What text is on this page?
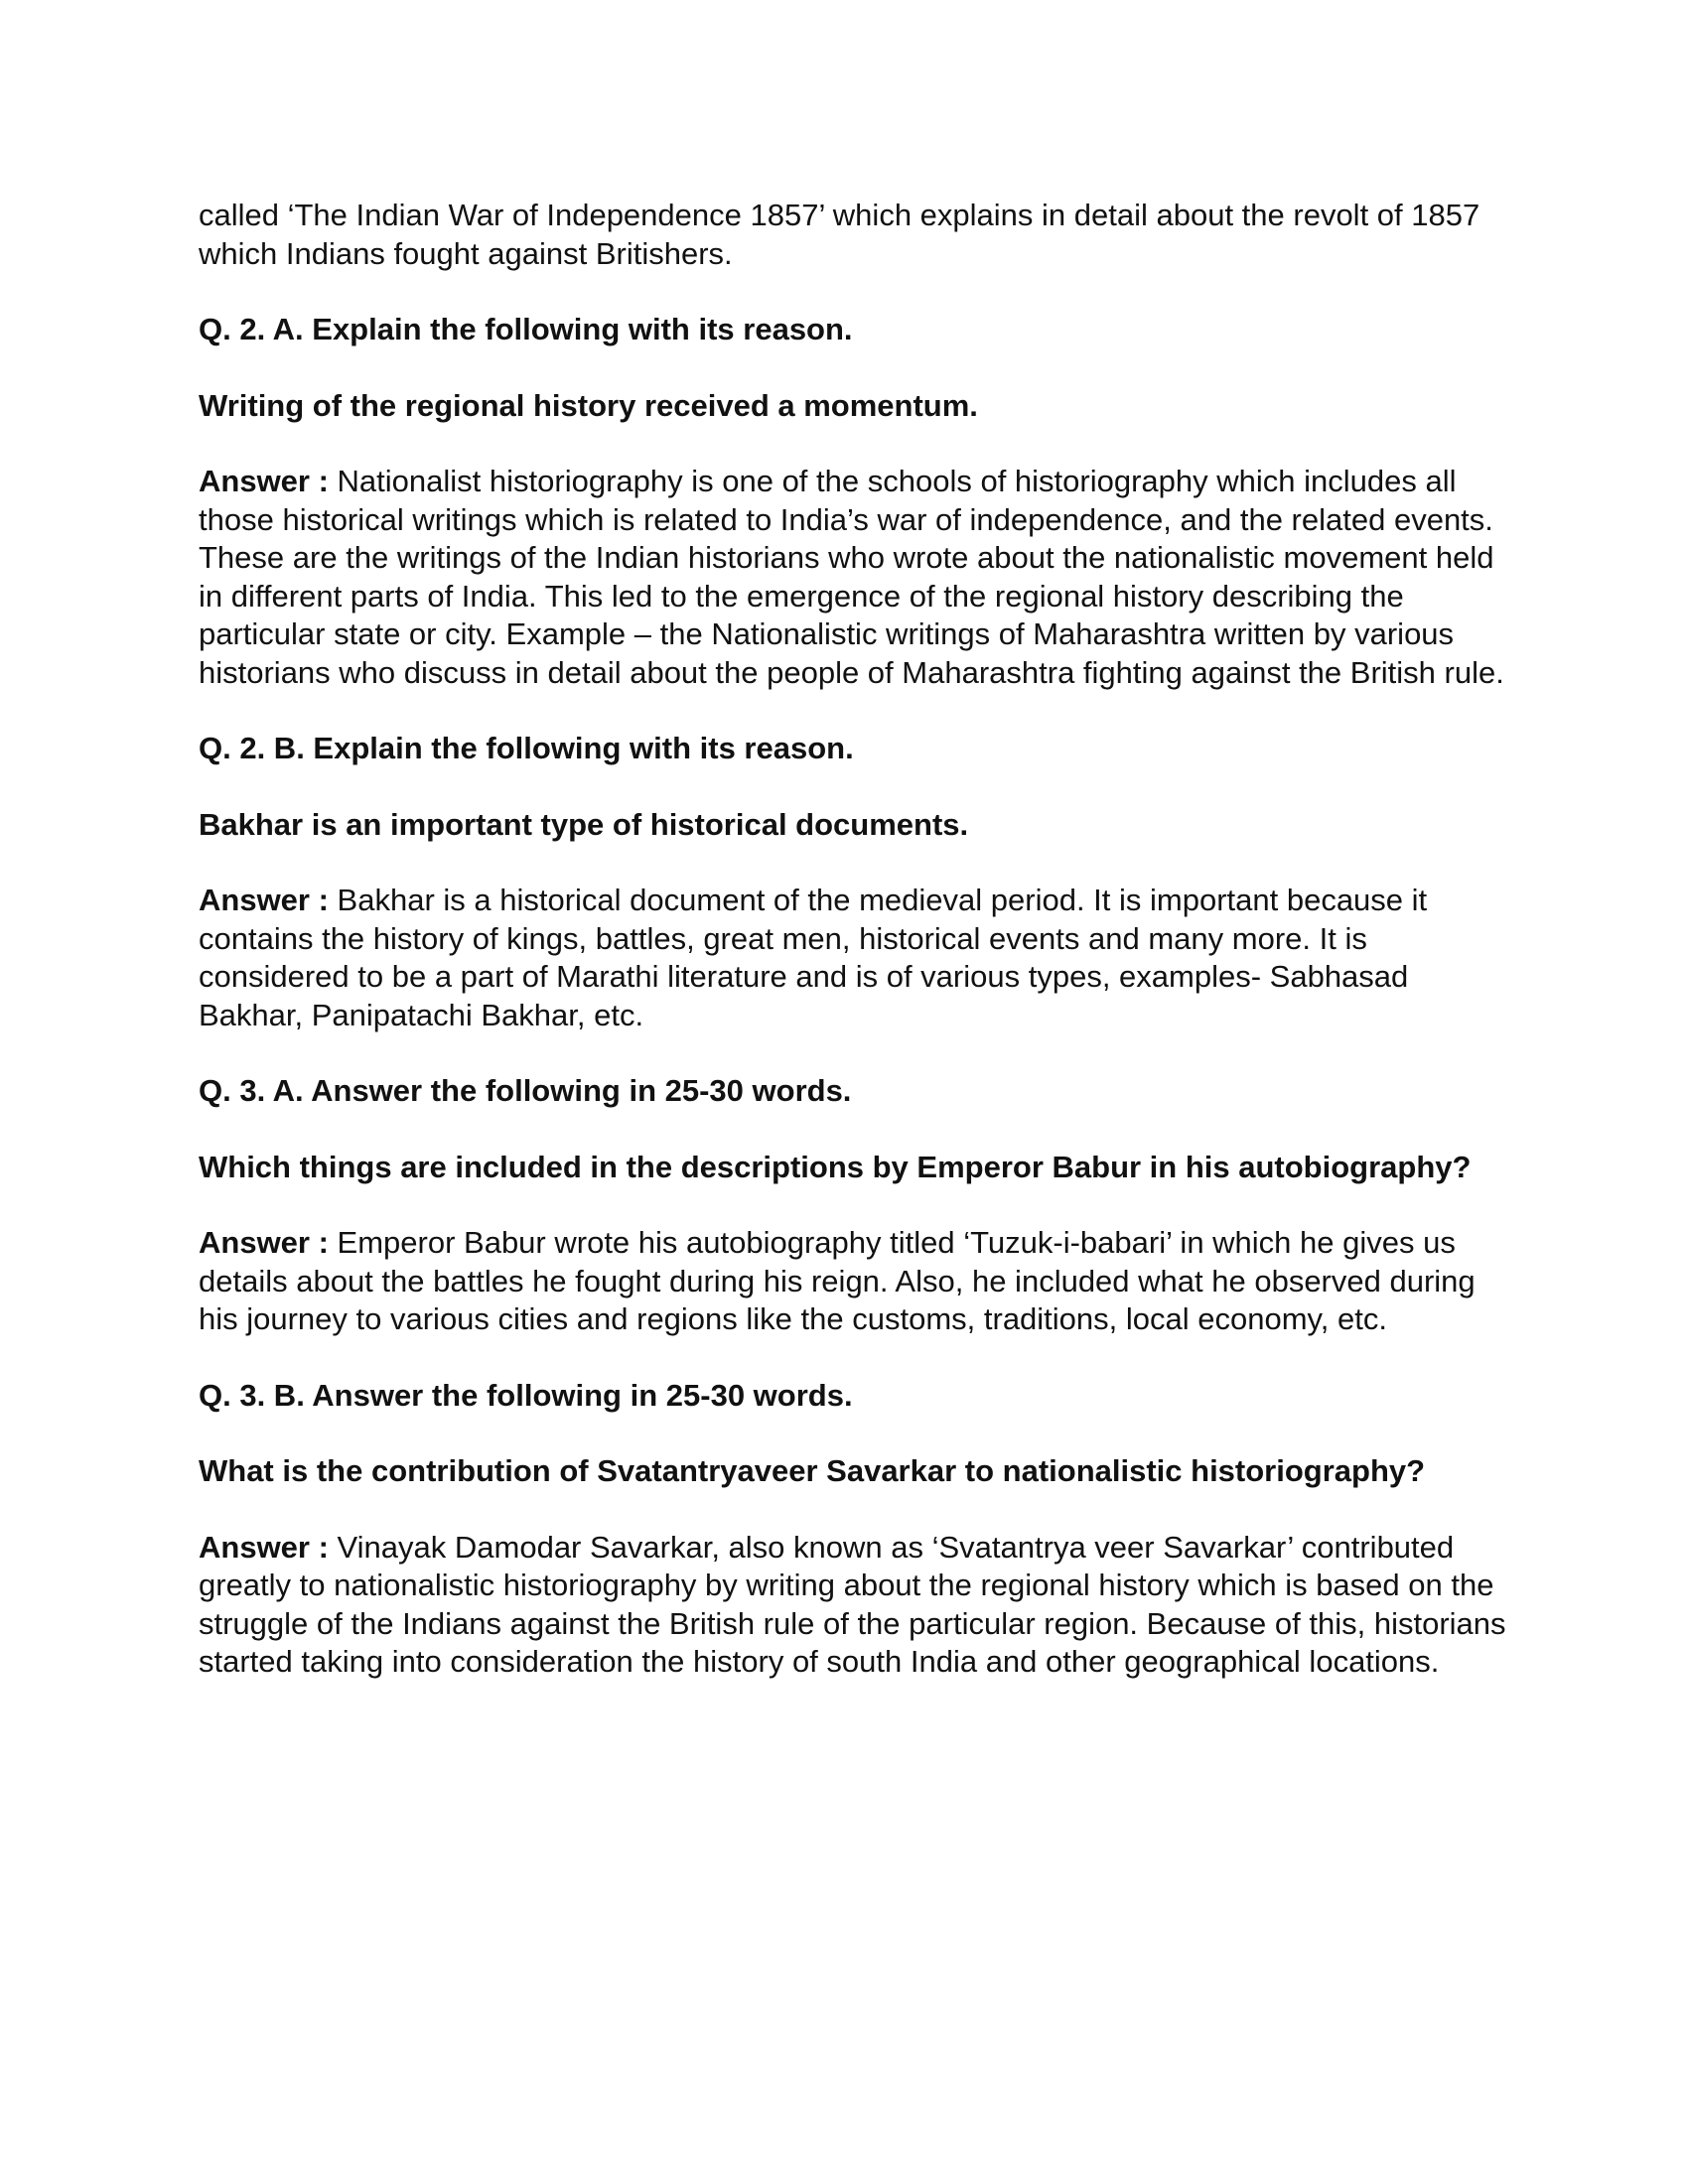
called ‘The Indian War of Independence 1857’ which explains in detail about the revolt of 1857 which Indians fought against Britishers.

Q. 2. A. Explain the following with its reason.

Writing of the regional history received a momentum.

Answer : Nationalist historiography is one of the schools of historiography which includes all those historical writings which is related to India’s war of independence, and the related events. These are the writings of the Indian historians who wrote about the nationalistic movement held in different parts of India. This led to the emergence of the regional history describing the particular state or city. Example – the Nationalistic writings of Maharashtra written by various historians who discuss in detail about the people of Maharashtra fighting against the British rule.

Q. 2. B. Explain the following with its reason.

Bakhar is an important type of historical documents.

Answer : Bakhar is a historical document of the medieval period. It is important because it contains the history of kings, battles, great men, historical events and many more. It is considered to be a part of Marathi literature and is of various types, examples- Sabhasad Bakhar, Panipatachi Bakhar, etc.

Q. 3. A. Answer the following in 25-30 words.

Which things are included in the descriptions by Emperor Babur in his autobiography?

Answer : Emperor Babur wrote his autobiography titled ‘Tuzuk-i-babari’ in which he gives us details about the battles he fought during his reign. Also, he included what he observed during his journey to various cities and regions like the customs, traditions, local economy, etc.

Q. 3. B. Answer the following in 25-30 words.

What is the contribution of Svatantryaveer Savarkar to nationalistic historiography?

Answer : Vinayak Damodar Savarkar, also known as ‘Svatantrya veer Savarkar’ contributed greatly to nationalistic historiography by writing about the regional history which is based on the struggle of the Indians against the British rule of the particular region. Because of this, historians started taking into consideration the history of south India and other geographical locations.
